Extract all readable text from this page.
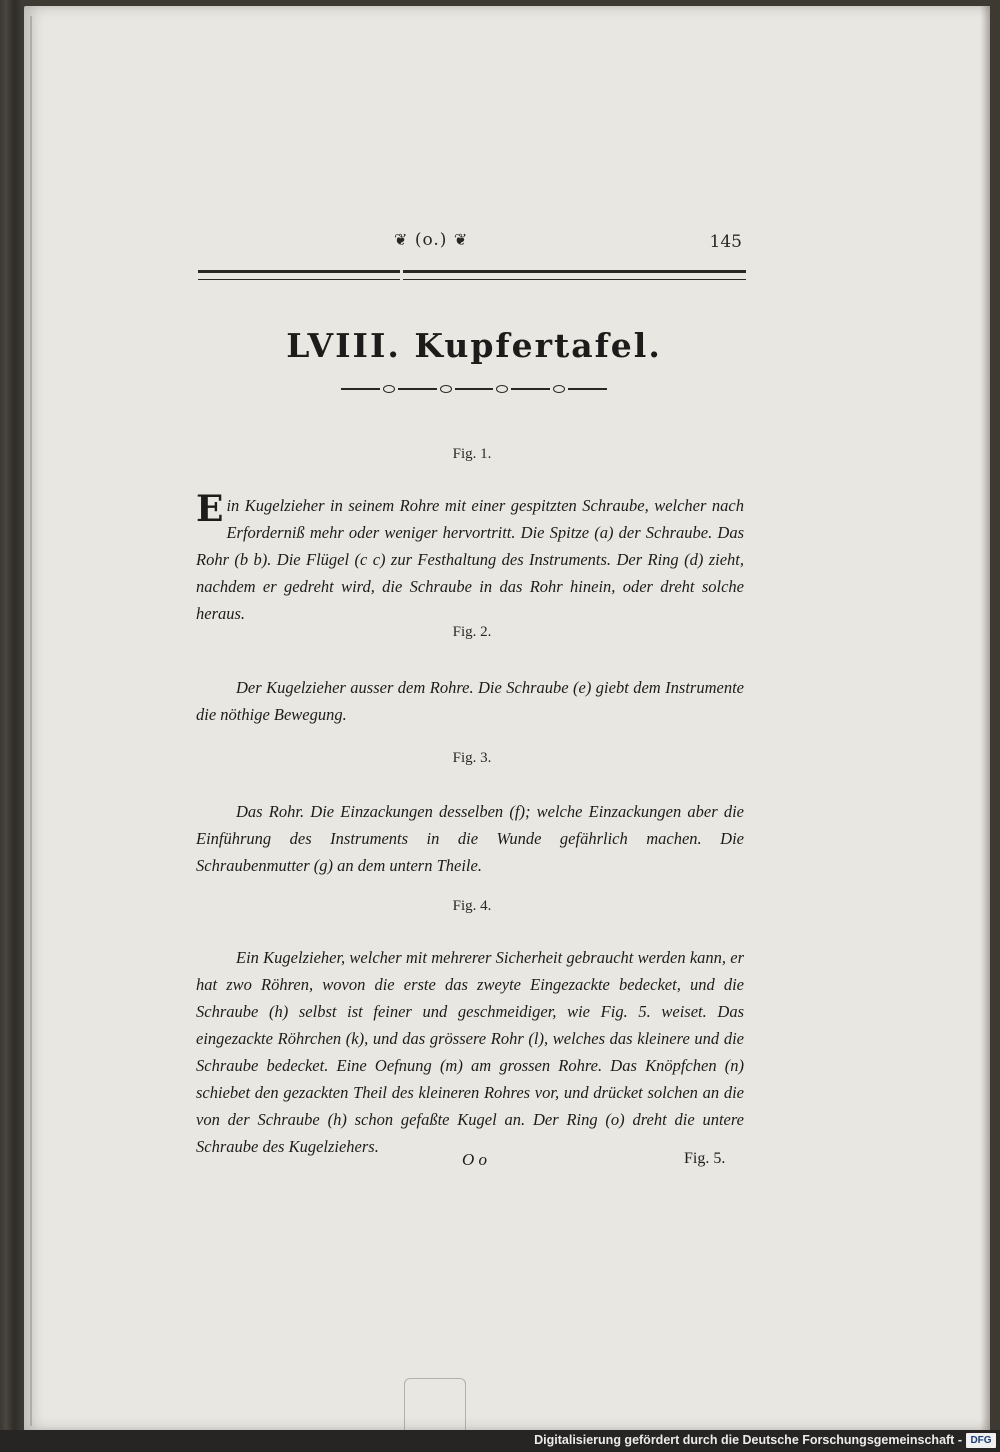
❦ (o.) ❦	145
LVIII. Kupfertafel.
Fig. 1.
Ein Kugelzieher in seinem Rohre mit einer gespitzten Schraube, welcher nach Erforderniß mehr oder weniger hervortritt. Die Spitze (a) der Schraube. Das Rohr (b b). Die Flügel (c c) zur Festhaltung des Instruments. Der Ring (d) zieht, nachdem er gedreht wird, die Schraube in das Rohr hinein, oder dreht solche heraus.
Fig. 2.
Der Kugelzieher ausser dem Rohre. Die Schraube (e) giebt dem Instrumente die nöthige Bewegung.
Fig. 3.
Das Rohr. Die Einzackungen desselben (f); welche Einzackungen aber die Einführung des Instruments in die Wunde gefährlich machen. Die Schraubenmutter (g) an dem untern Theile.
Fig. 4.
Ein Kugelzieher, welcher mit mehrerer Sicherheit gebraucht werden kann, er hat zwo Röhren, wovon die erste das zweyte Eingezackte bedecket, und die Schraube (h) selbst ist feiner und geschmeidiger, wie Fig. 5. weiset. Das eingezackte Röhrchen (k), und das grössere Rohr (l), welches das kleinere und die Schraube bedecket. Eine Oefnung (m) am grossen Rohre. Das Knöpfchen (n) schiebet den gezackten Theil des kleineren Rohres vor, und drücket solchen an die von der Schraube (h) schon gefaßte Kugel an. Der Ring (o) dreht die untere Schraube des Kugelziehers.
O o	Fig. 5.
Digitalisierung gefördert durch die Deutsche Forschungsgemeinschaft - DFG
